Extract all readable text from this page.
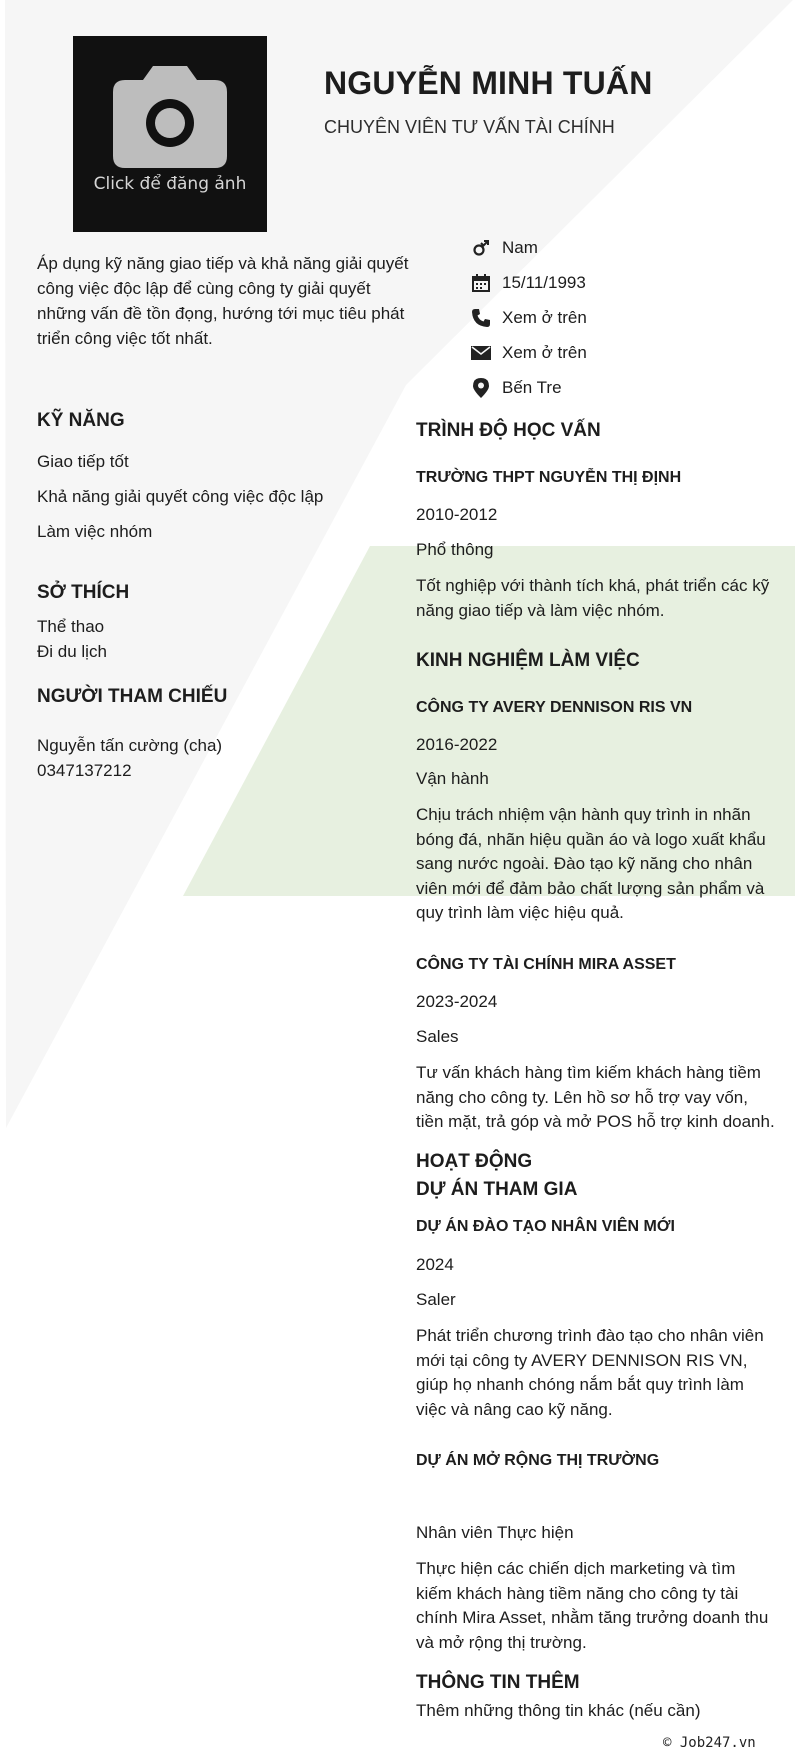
Click để đăng ảnh
NGUYỄN MINH TUẤN
CHUYÊN VIÊN TƯ VẤN TÀI CHÍNH
Áp dụng kỹ năng giao tiếp và khả năng giải quyết công việc độc lập để cùng công ty giải quyết những vấn đề tồn đọng, hướng tới mục tiêu phát triển công việc tốt nhất.
Nam
15/11/1993
Xem ở trên
Xem ở trên
Bến Tre
KỸ NĂNG
Giao tiếp tốt
Khả năng giải quyết công việc độc lập
Làm việc nhóm
SỞ THÍCH
Thể thao
Đi du lịch
NGƯỜI THAM CHIẾU
Nguyễn tấn cường (cha)
0347137212
TRÌNH ĐỘ HỌC VẤN
TRƯỜNG THPT NGUYỄN THỊ ĐỊNH
2010-2012
Phổ thông
Tốt nghiệp với thành tích khá, phát triển các kỹ năng giao tiếp và làm việc nhóm.
KINH NGHIỆM LÀM VIỆC
CÔNG TY AVERY DENNISON RIS VN
2016-2022
Vận hành
Chịu trách nhiệm vận hành quy trình in nhãn bóng đá, nhãn hiệu quần áo và logo xuất khẩu sang nước ngoài. Đào tạo kỹ năng cho nhân viên mới để đảm bảo chất lượng sản phẩm và quy trình làm việc hiệu quả.
CÔNG TY TÀI CHÍNH MIRA ASSET
2023-2024
Sales
Tư vấn khách hàng tìm kiếm khách hàng tiềm năng cho công ty. Lên hồ sơ hỗ trợ vay vốn, tiền mặt, trả góp và mở POS hỗ trợ kinh doanh.
HOẠT ĐỘNG
DỰ ÁN THAM GIA
DỰ ÁN ĐÀO TẠO NHÂN VIÊN MỚI
2024
Saler
Phát triển chương trình đào tạo cho nhân viên mới tại công ty AVERY DENNISON RIS VN, giúp họ nhanh chóng nắm bắt quy trình làm việc và nâng cao kỹ năng.
DỰ ÁN MỞ RỘNG THỊ TRƯỜNG
Nhân viên Thực hiện
Thực hiện các chiến dịch marketing và tìm kiếm khách hàng tiềm năng cho công ty tài chính Mira Asset, nhằm tăng trưởng doanh thu và mở rộng thị trường.
THÔNG TIN THÊM
Thêm những thông tin khác (nếu cần)
© Job247.vn
